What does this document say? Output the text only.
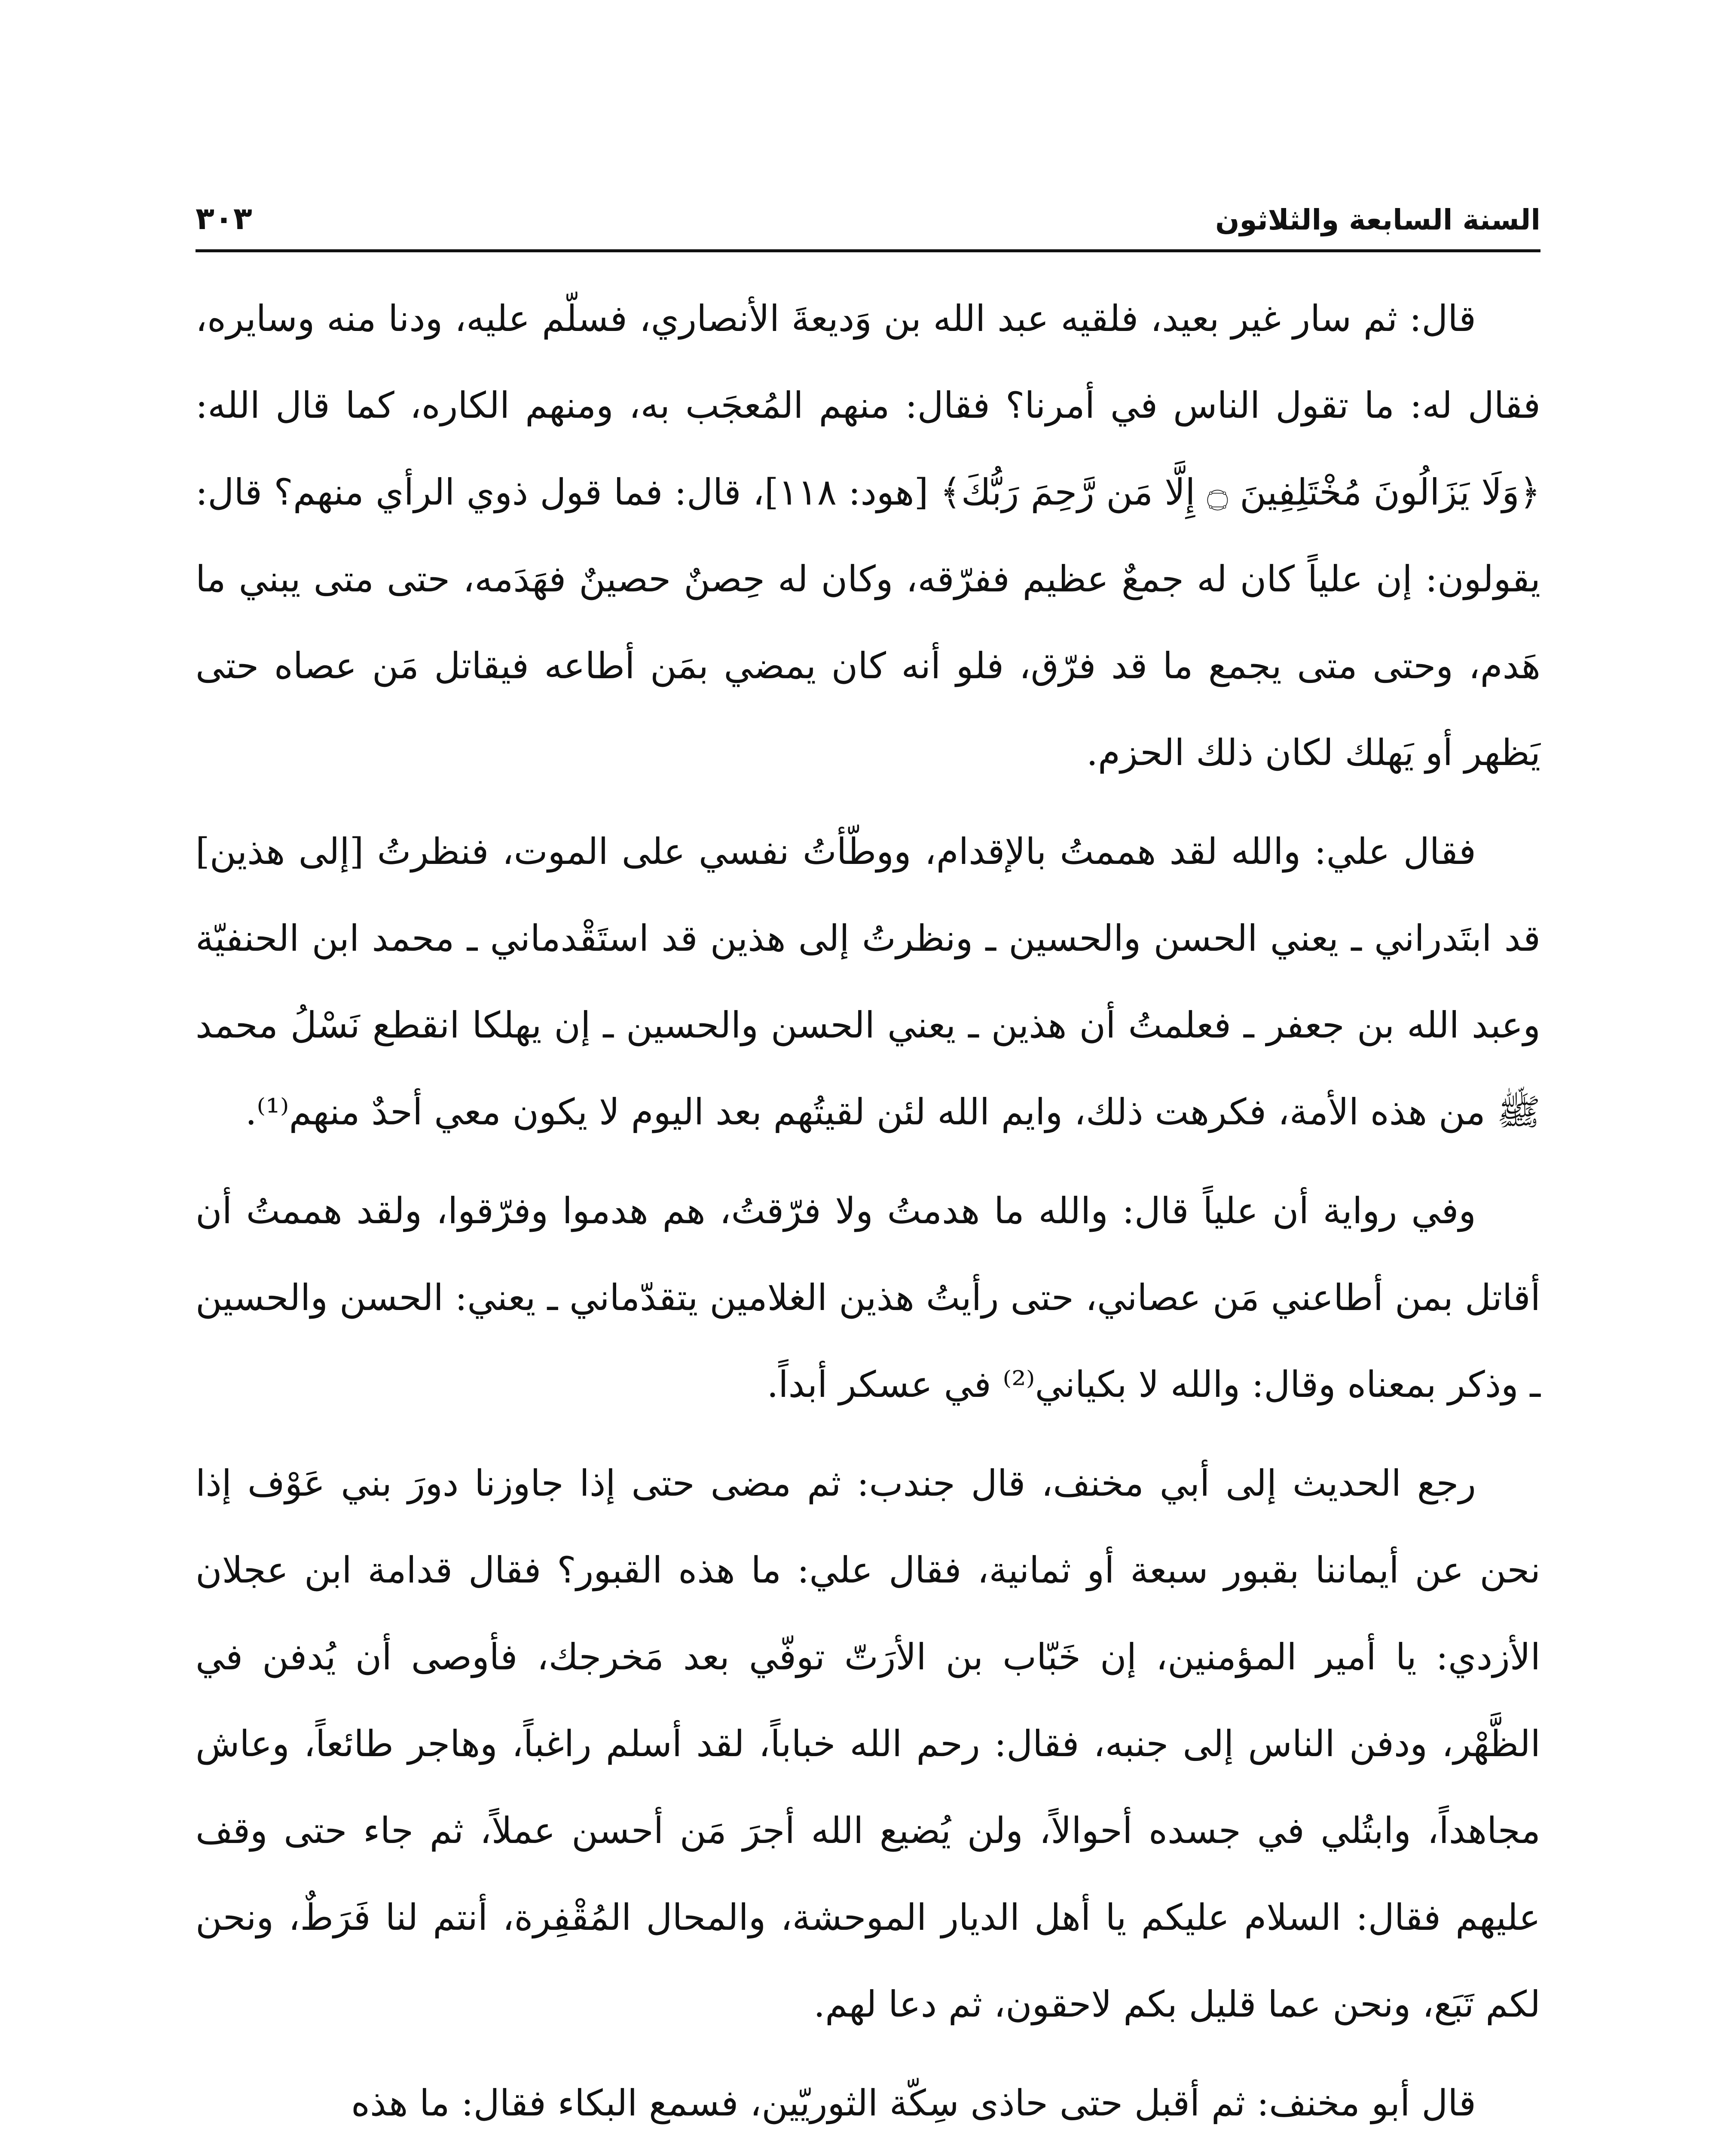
السنة السابعة والثلاثون
٣٠٣

قال: ثم سار غير بعيد، فلقيه عبد الله بن وَديعةَ الأنصاري، فسلّم عليه، ودنا منه وسايره، فقال له: ما تقول الناس في أمرنا؟ فقال: منهم المُعجَب به، ومنهم الكاره، كما قال الله: ﴿وَلَا يَزَالُونَ مُخْتَلِفِينَ ۝ إِلَّا مَن رَّحِمَ رَبُّكَ﴾ [هود: ١١٨]، قال: فما قول ذوي الرأي منهم؟ قال: يقولون: إن علياً كان له جمعٌ عظيم ففرّقه، وكان له حِصنٌ حصينٌ فهَدَمه، حتى متى يبني ما هَدم، وحتى متى يجمع ما قد فرّق، فلو أنه كان يمضي بمَن أطاعه فيقاتل مَن عصاه حتى يَظهر أو يَهلك لكان ذلك الحزم.

فقال علي: والله لقد هممتُ بالإقدام، ووطّأتُ نفسي على الموت، فنظرتُ [إلى هذين] قد ابتَدراني ـ يعني الحسن والحسين ـ ونظرتُ إلى هذين قد استَقْدماني ـ محمد ابن الحنفيّة وعبد الله بن جعفر ـ فعلمتُ أن هذين ـ يعني الحسن والحسين ـ إن يهلكا انقطع نَسْلُ محمد ﷺ من هذه الأمة، فكرهت ذلك، وايم الله لئن لقيتُهم بعد اليوم لا يكون معي أحدٌ منهم⁽¹⁾.

وفي رواية أن علياً قال: والله ما هدمتُ ولا فرّقتُ، هم هدموا وفرّقوا، ولقد هممتُ أن أقاتل بمن أطاعني مَن عصاني، حتى رأيتُ هذين الغلامين يتقدّماني ـ يعني: الحسن والحسين ـ وذكر بمعناه وقال: والله لا بكياني⁽²⁾ في عسكر أبداً.

رجع الحديث إلى أبي مخنف، قال جندب: ثم مضى حتى إذا جاوزنا دورَ بني عَوْف إذا نحن عن أيماننا بقبور سبعة أو ثمانية، فقال علي: ما هذه القبور؟ فقال قدامة ابن عجلان الأزدي: يا أمير المؤمنين، إن خَبّاب بن الأرَتّ توفّي بعد مَخرجك، فأوصى أن يُدفن في الظَّهْر، ودفن الناس إلى جنبه، فقال: رحم الله خباباً، لقد أسلم راغباً، وهاجر طائعاً، وعاش مجاهداً، وابتُلي في جسده أحوالاً، ولن يُضيع الله أجرَ مَن أحسن عملاً، ثم جاء حتى وقف عليهم فقال: السلام عليكم يا أهل الديار الموحشة، والمحال المُقْفِرة، أنتم لنا فَرَطٌ، ونحن لكم تَبَع، ونحن عما قليل بكم لاحقون، ثم دعا لهم.

قال أبو مخنف: ثم أقبل حتى حاذى سِكّة الثوريّين، فسمع البكاء فقال: ما هذه
